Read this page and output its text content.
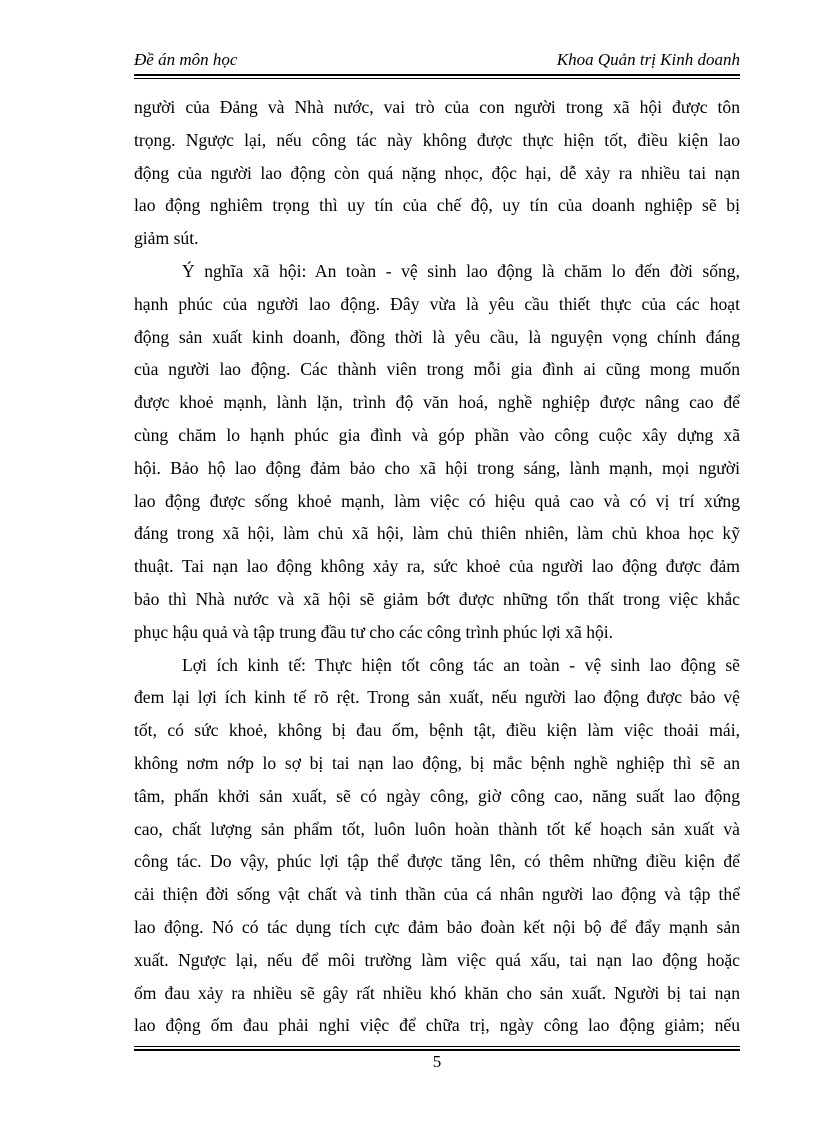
Đề án môn học	Khoa Quản trị Kinh doanh
người của Đảng và Nhà nước, vai trò của con người trong xã hội được tôn
trọng. Ngược lại, nếu công tác này không được thực hiện tốt, điều kiện lao
động của người lao động còn quá nặng nhọc, độc hại, dễ xảy ra nhiều tai nạn
lao động nghiêm trọng thì uy tín của chế độ, uy tín của doanh nghiệp sẽ bị
giảm sút.
Ý nghĩa xã hội: An toàn - vệ sinh lao động là chăm lo đến đời sống,
hạnh phúc của người lao động. Đây vừa là yêu cầu thiết thực của các hoạt
động sản xuất kinh doanh, đồng thời là yêu cầu, là nguyện vọng chính đáng
của người lao động. Các thành viên trong mỗi gia đình ai cũng mong muốn
được khoẻ mạnh, lành lặn, trình độ văn hoá, nghề nghiệp được nâng cao để
cùng chăm lo hạnh phúc gia đình và góp phần vào công cuộc xây dựng xã
hội. Bảo hộ lao động đảm bảo cho xã hội trong sáng, lành mạnh, mọi người
lao động được sống khoẻ mạnh, làm việc có hiệu quả cao và có vị trí xứng
đáng trong xã hội, làm chủ xã hội, làm chủ thiên nhiên, làm chủ khoa học kỹ
thuật. Tai nạn lao động không xảy ra, sức khoẻ của người lao động được đảm
bảo thì Nhà nước và xã hội sẽ giảm bớt được những tổn thất trong việc khắc
phục hậu quả và tập trung đầu tư cho các công trình phúc lợi xã hội.
Lợi ích kinh tế: Thực hiện tốt công tác an toàn - vệ sinh lao động sẽ
đem lại lợi ích kinh tế rõ rệt. Trong sản xuất, nếu người lao động được bảo vệ
tốt, có sức khoẻ, không bị đau ốm, bệnh tật, điều kiện làm việc thoải mái,
không nơm nớp lo sợ bị tai nạn lao động, bị mắc bệnh nghề nghiệp thì sẽ an
tâm, phấn khởi sản xuất, sẽ có ngày công, giờ công cao, năng suất lao động
cao, chất lượng sản phẩm tốt, luôn luôn hoàn thành tốt kế hoạch sản xuất và
công tác. Do vậy, phúc lợi tập thể được tăng lên, có thêm những điều kiện để
cải thiện đời sống vật chất và tinh thần của cá nhân người lao động và tập thể
lao động. Nó có tác dụng tích cực đảm bảo đoàn kết nội bộ để đẩy mạnh sản
xuất. Ngược lại, nếu để môi trường làm việc quá xấu, tai nạn lao động hoặc
ốm đau xảy ra nhiều sẽ gây rất nhiều khó khăn cho sản xuất. Người bị tai nạn
lao động ốm đau phải nghỉ việc để chữa trị, ngày công lao động giảm; nếu
5
